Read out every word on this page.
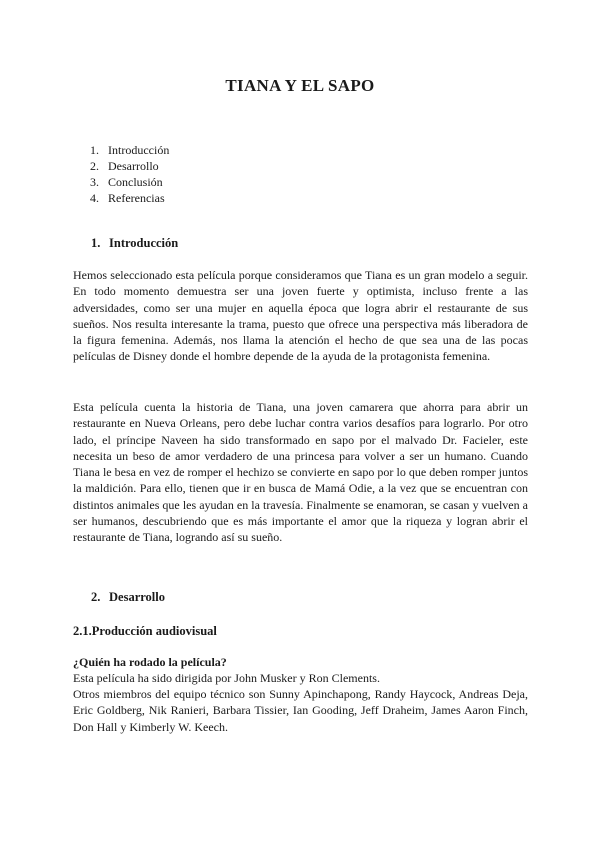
TIANA Y EL SAPO
1. Introducción
2. Desarrollo
3. Conclusión
4. Referencias
1. Introducción

Hemos seleccionado esta película porque consideramos que Tiana es un gran modelo a seguir. En todo momento demuestra ser una joven fuerte y optimista, incluso frente a las adversidades, como ser una mujer en aquella época que logra abrir el restaurante de sus sueños. Nos resulta interesante la trama, puesto que ofrece una perspectiva más liberadora de la figura femenina. Además, nos llama la atención el hecho de que sea una de las pocas películas de Disney donde el hombre depende de la ayuda de la protagonista femenina.

Esta película cuenta la historia de Tiana, una joven camarera que ahorra para abrir un restaurante en Nueva Orleans, pero debe luchar contra varios desafíos para lograrlo. Por otro lado, el príncipe Naveen ha sido transformado en sapo por el malvado Dr. Facieler, este necesita un beso de amor verdadero de una princesa para volver a ser un humano. Cuando Tiana le besa en vez de romper el hechizo se convierte en sapo por lo que deben romper juntos la maldición. Para ello, tienen que ir en busca de Mamá Odie, a la vez que se encuentran con distintos animales que les ayudan en la travesía. Finalmente se enamoran, se casan y vuelven a ser humanos, descubriendo que es más importante el amor que la riqueza y logran abrir el restaurante de Tiana, logrando así su sueño.

2. Desarrollo
2.1.Producción audiovisual

¿Quién ha rodado la película?

Esta película ha sido dirigida por John Musker y Ron Clements.

Otros miembros del equipo técnico son Sunny Apinchapong, Randy Haycock, Andreas Deja, Eric Goldberg, Nik Ranieri, Barbara Tissier, Ian Gooding, Jeff Draheim, James Aaron Finch, Don Hall y Kimberly W. Keech.
